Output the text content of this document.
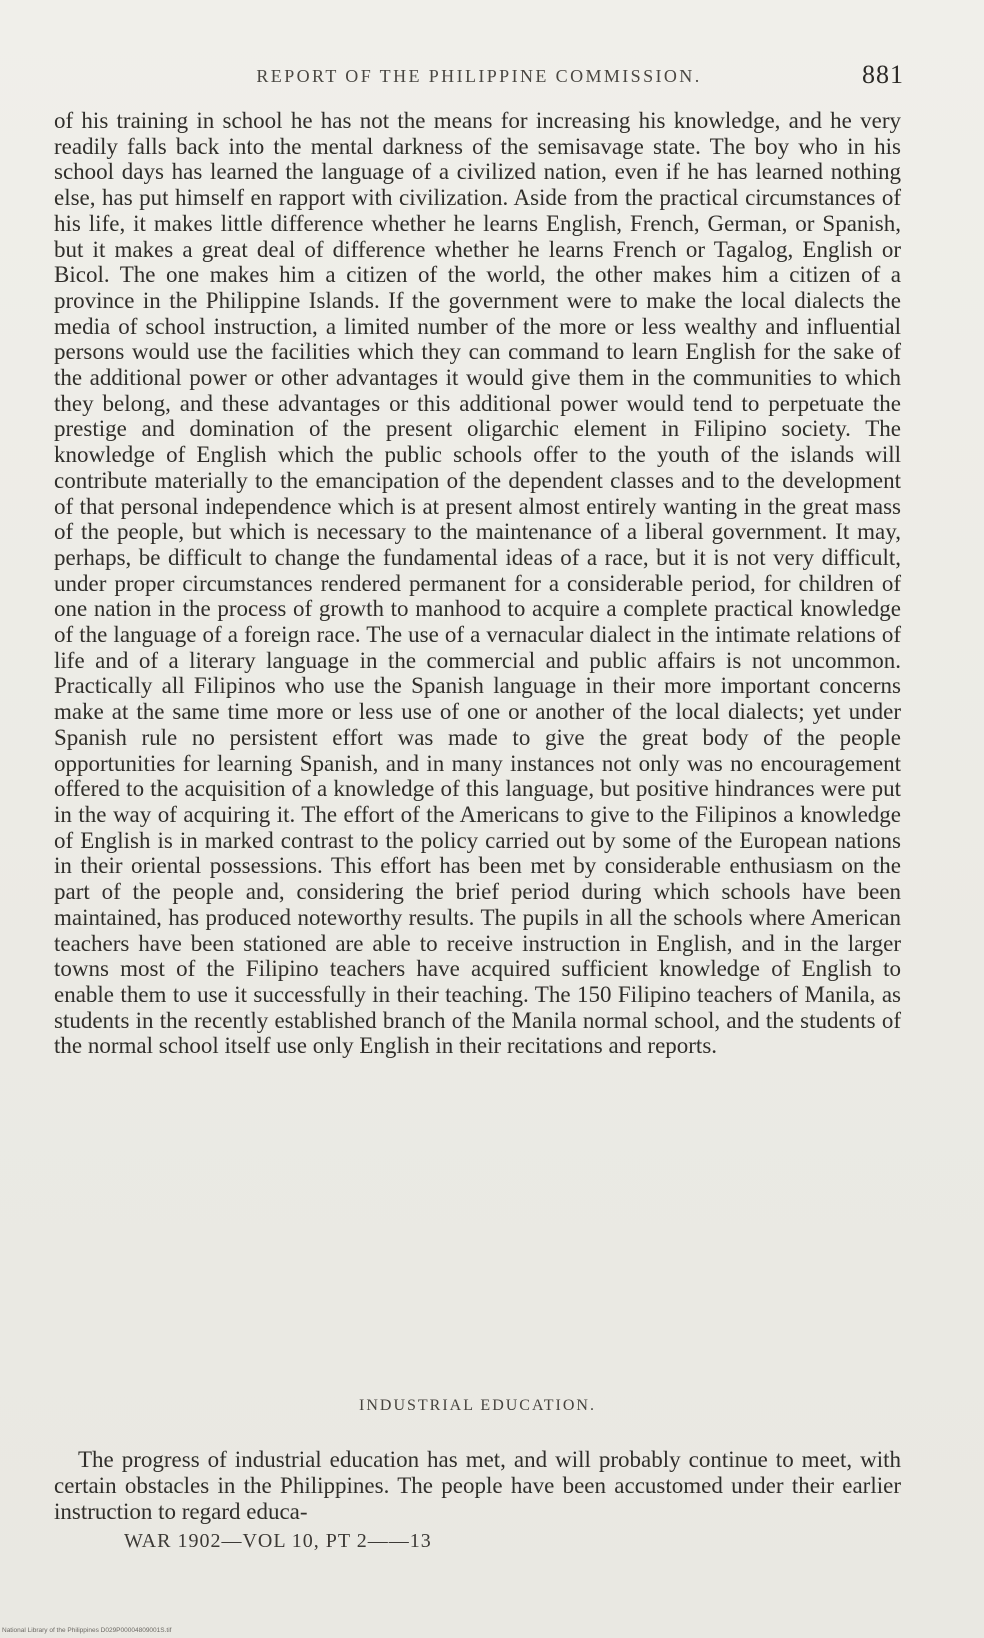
REPORT OF THE PHILIPPINE COMMISSION.	881

of his training in school he has not the means for increasing his knowledge, and he very readily falls back into the mental darkness of the semisavage state. The boy who in his school days has learned the language of a civilized nation, even if he has learned nothing else, has put himself en rapport with civilization. Aside from the practical circumstances of his life, it makes little difference whether he learns English, French, German, or Spanish, but it makes a great deal of difference whether he learns French or Tagalog, English or Bicol. The one makes him a citizen of the world, the other makes him a citizen of a province in the Philippine Islands. If the government were to make the local dialects the media of school instruction, a limited number of the more or less wealthy and influential persons would use the facilities which they can command to learn English for the sake of the additional power or other advantages it would give them in the communities to which they belong, and these advantages or this additional power would tend to perpetuate the prestige and domination of the present oligarchic element in Filipino society. The knowledge of English which the public schools offer to the youth of the islands will contribute materially to the emancipation of the dependent classes and to the development of that personal independence which is at present almost entirely wanting in the great mass of the people, but which is necessary to the maintenance of a liberal government. It may, perhaps, be difficult to change the fundamental ideas of a race, but it is not very difficult, under proper circumstances rendered permanent for a considerable period, for children of one nation in the process of growth to manhood to acquire a complete practical knowledge of the language of a foreign race. The use of a vernacular dialect in the intimate relations of life and of a literary language in the commercial and public affairs is not uncommon. Practically all Filipinos who use the Spanish language in their more important concerns make at the same time more or less use of one or another of the local dialects; yet under Spanish rule no persistent effort was made to give the great body of the people opportunities for learning Spanish, and in many instances not only was no encouragement offered to the acquisition of a knowledge of this language, but positive hindrances were put in the way of acquiring it. The effort of the Americans to give to the Filipinos a knowledge of English is in marked contrast to the policy carried out by some of the European nations in their oriental possessions. This effort has been met by considerable enthusiasm on the part of the people and, considering the brief period during which schools have been maintained, has produced noteworthy results. The pupils in all the schools where American teachers have been stationed are able to receive instruction in English, and in the larger towns most of the Filipino teachers have acquired sufficient knowledge of English to enable them to use it successfully in their teaching. The 150 Filipino teachers of Manila, as students in the recently established branch of the Manila normal school, and the students of the normal school itself use only English in their recitations and reports.

INDUSTRIAL EDUCATION.

The progress of industrial education has met, and will probably continue to meet, with certain obstacles in the Philippines. The people have been accustomed under their earlier instruction to regard educa-

WAR 1902—VOL 10, PT 2——13
National Library of the Philippines D029P00004809001S.tif
